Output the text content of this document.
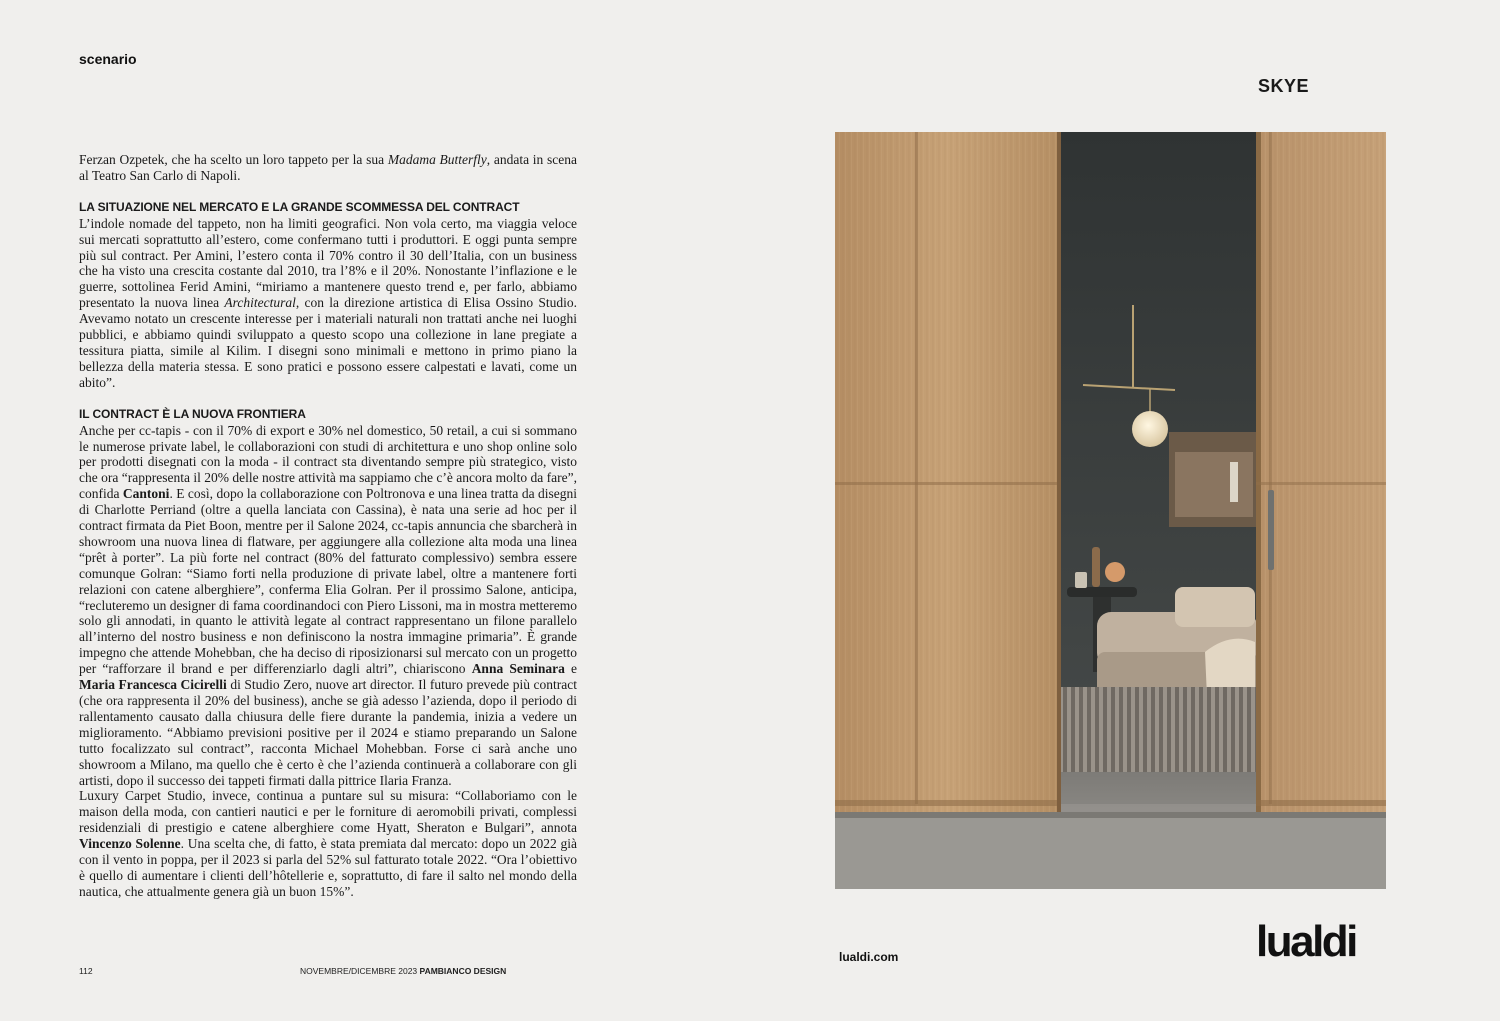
scenario

Ferzan Ozpetek, che ha scelto un loro tappeto per la sua Madama Butterfly, andata in scena al Teatro San Carlo di Napoli.

LA SITUAZIONE NEL MERCATO E LA GRANDE SCOMMESSA DEL CONTRACT

L’indole nomade del tappeto, non ha limiti geografici. Non vola certo, ma viaggia veloce sui mercati soprattutto all’estero, come confermano tutti i produttori. E oggi punta sempre più sul contract. Per Amini, l’estero conta il 70% contro il 30 dell’Italia, con un business che ha visto una crescita costante dal 2010, tra l’8% e il 20%. Nonostante l’inflazione e le guerre, sottolinea Ferid Amini, “miriamo a mantenere questo trend e, per farlo, abbiamo presentato la nuova linea Architectural, con la direzione artistica di Elisa Ossino Studio. Avevamo notato un crescente interesse per i materiali naturali non trattati anche nei luoghi pubblici, e abbiamo quindi sviluppato a questo scopo una collezione in lane pregiate a tessitura piatta, simile al Kilim. I disegni sono minimali e mettono in primo piano la bellezza della materia stessa. E sono pratici e possono essere calpestati e lavati, come un abito”.

IL CONTRACT È LA NUOVA FRONTIERA

Anche per cc-tapis - con il 70% di export e 30% nel domestico, 50 retail, a cui si sommano le numerose private label, le collaborazioni con studi di architettura e uno shop online solo per prodotti disegnati con la moda - il contract sta diventando sempre più strategico, visto che ora “rappresenta il 20% delle nostre attività ma sappiamo che c’è ancora molto da fare”, confida Cantoni. E così, dopo la collaborazione con Poltronova e una linea tratta da disegni di Charlotte Perriand (oltre a quella lanciata con Cassina), è nata una serie ad hoc per il contract firmata da Piet Boon, mentre per il Salone 2024, cc-tapis annuncia che sbarcherà in showroom una nuova linea di flatware, per aggiungere alla collezione alta moda una linea “prêt à porter”. La più forte nel contract (80% del fatturato complessivo) sembra essere comunque Golran: “Siamo forti nella produzione di private label, oltre a mantenere forti relazioni con catene alberghiere”, conferma Elia Golran. Per il prossimo Salone, anticipa, “recluteremo un designer di fama coordinandoci con Piero Lissoni, ma in mostra metteremo solo gli annodati, in quanto le attività legate al contract rappresentano un filone parallelo all’interno del nostro business e non definiscono la nostra immagine primaria”. È grande impegno che attende Mohebban, che ha deciso di riposizionarsi sul mercato con un progetto per “rafforzare il brand e per differenziarlo dagli altri”, chiariscono Anna Seminara e Maria Francesca Cicirelli di Studio Zero, nuove art director. Il futuro prevede più contract (che ora rappresenta il 20% del business), anche se già adesso l’azienda, dopo il periodo di rallentamento causato dalla chiusura delle fiere durante la pandemia, inizia a vedere un miglioramento. “Abbiamo previsioni positive per il 2024 e stiamo preparando un Salone tutto focalizzato sul contract”, racconta Michael Mohebban. Forse ci sarà anche uno showroom a Milano, ma quello che è certo è che l’azienda continuerà a collaborare con gli artisti, dopo il successo dei tappeti firmati dalla pittrice Ilaria Franza.

Luxury Carpet Studio, invece, continua a puntare sul su misura: “Collaboriamo con le maison della moda, con cantieri nautici e per le forniture di aeromobili privati, complessi residenziali di prestigio e catene alberghiere come Hyatt, Sheraton e Bulgari”, annota Vincenzo Solenne. Una scelta che, di fatto, è stata premiata dal mercato: dopo un 2022 già con il vento in poppa, per il 2023 si parla del 52% sul fatturato totale 2022. “Ora l’obiettivo è quello di aumentare i clienti dell’hôtellerie e, soprattutto, di fare il salto nel mondo della nautica, che attualmente genera già un buon 15%”.

112	NOVEMBRE/DICEMBRE 2023 PAMBIANCO DESIGN
SKYE
lualdi.com	lualdi
